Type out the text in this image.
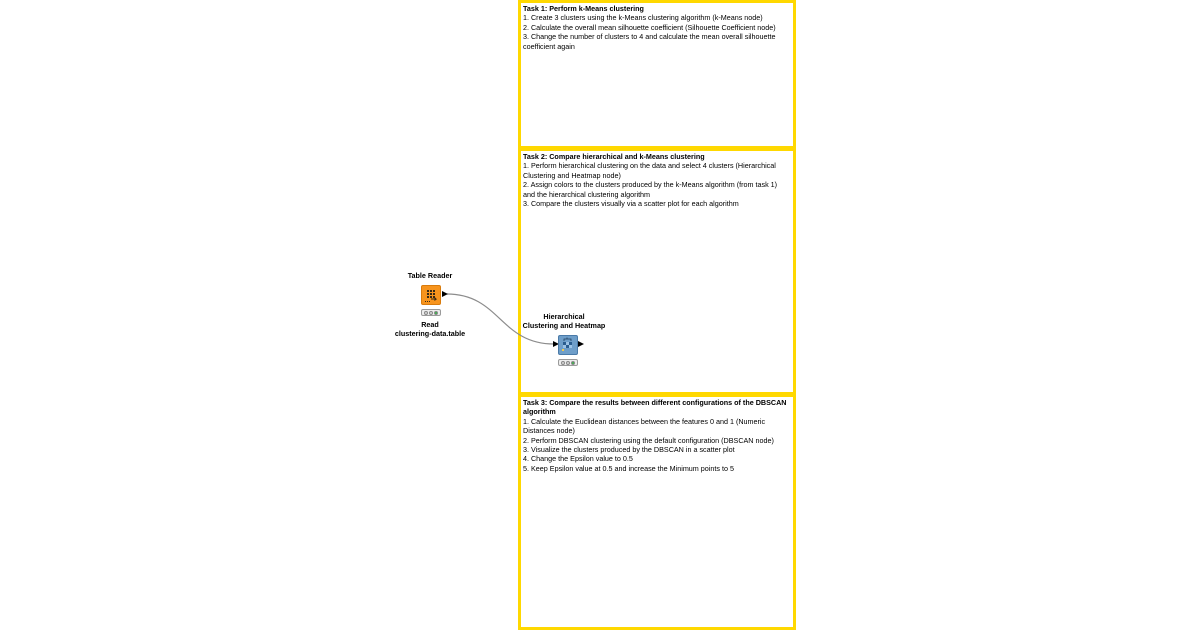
Task 1: Perform k-Means clustering
1. Create 3 clusters using the k-Means clustering algorithm (k-Means node)
2. Calculate the overall mean silhouette coefficient (Silhouette Coefficient node)
3. Change the number of clusters to 4 and calculate the mean overall silhouette coefficient again
Task 2: Compare hierarchical and k-Means clustering
1. Perform hierarchical clustering on the data and select 4 clusters (Hierarchical Clustering and Heatmap node)
2. Assign colors to the clusters produced by the k-Means algorithm (from task 1) and the hierarchical clustering algorithm
3. Compare the clusters visually via a scatter plot for each algorithm
Task 3: Compare the results between different configurations of the DBSCAN algorithm
1. Calculate the Euclidean distances between the features 0 and 1 (Numeric Distances node)
2. Perform DBSCAN clustering using the default configuration (DBSCAN node)
3. Visualize the clusters produced by the DBSCAN in a scatter plot
4. Change the Epsilon value to 0.5
5. Keep Epsilon value at 0.5 and increase the Minimum points to 5
Table Reader
Read
clustering-data.table
Hierarchical
Clustering and Heatmap
